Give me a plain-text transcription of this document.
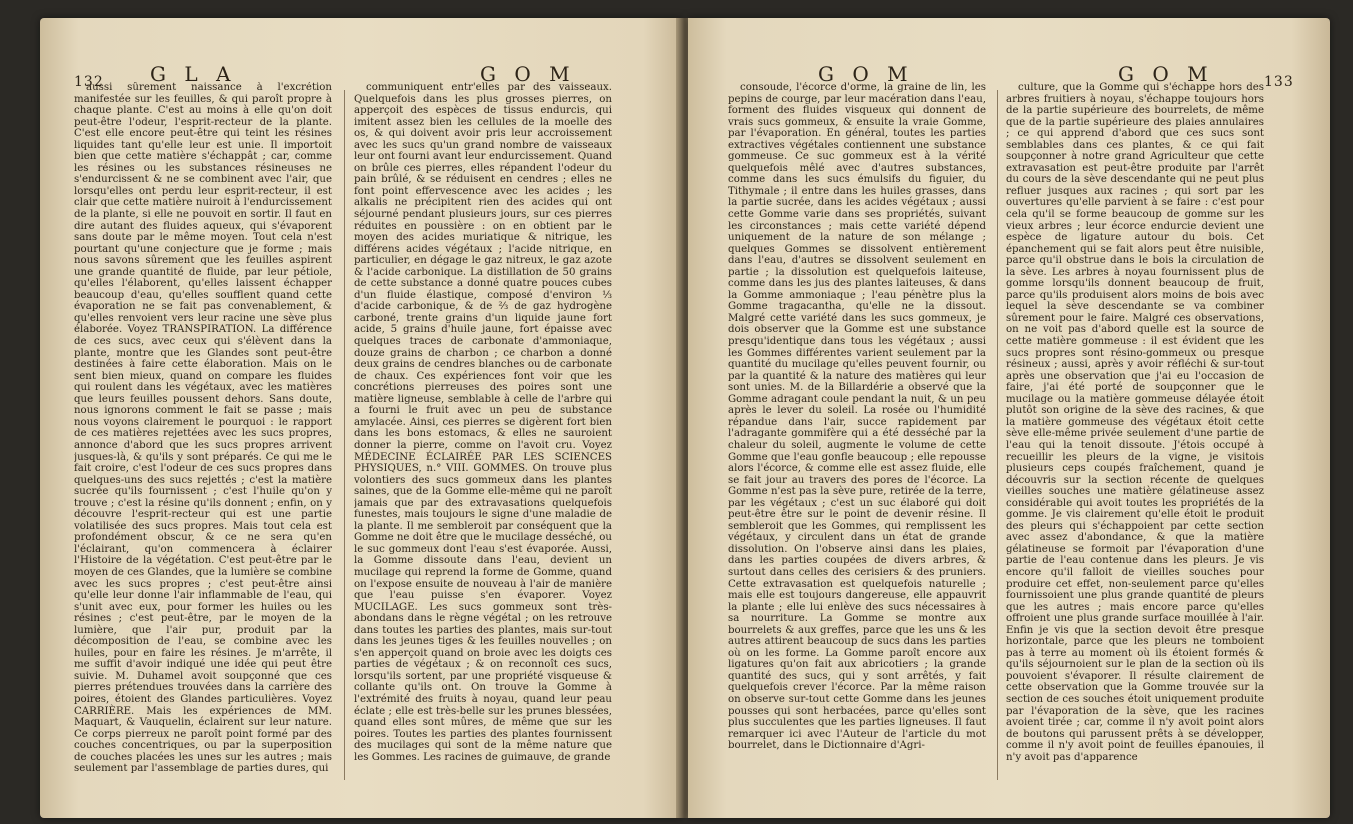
132 G L A	G O M

aussi sûrement naissance à l'excrétion manifestée sur les feuilles, & qui paroît propre à chaque plante. C'est au moins à elle qu'on doit peut-être l'odeur, l'esprit-recteur de la plante. C'est elle encore peut-être qui teint les résines liquides tant qu'elle leur est unie. Il importoit bien que cette matière s'échappât ; car, comme les résines ou les substances résineuses ne s'endurcissent & ne se combinent avec l'air, que lorsqu'elles ont perdu leur esprit-recteur, il est clair que cette matière nuiroit à l'endurcissement de la plante, si elle ne pouvoit en sortir. Il faut en dire autant des fluides aqueux, qui s'évaporent sans doute par le même moyen. Tout cela n'est pourtant qu'une conjecture que je forme ; mais nous savons sûrement que les feuilles aspirent une grande quantité de fluide, par leur pétiole, qu'elles l'élaborent, qu'elles laissent échapper beaucoup d'eau, qu'elles soufflent quand cette évaporation ne se fait pas convenablement, & qu'elles renvoient vers leur racine une sève plus élaborée. Voyez TRANSPIRATION. La différence de ces sucs, avec ceux qui s'élèvent dans la plante, montre que les Glandes sont peut-être destinées à faire cette élaboration. Mais on le sent bien mieux, quand on compare les fluides qui roulent dans les végétaux, avec les matières que leurs feuilles poussent dehors. Sans doute, nous ignorons comment le fait se passe ; mais nous voyons clairement le pourquoi : le rapport de ces matières rejettées avec les sucs propres, annonce d'abord que les sucs propres arrivent jusques-là, & qu'ils y sont préparés. Ce qui me le fait croire, c'est l'odeur de ces sucs propres dans quelques-uns des sucs rejettés ; c'est la matière sucrée qu'ils fournissent ; c'est l'huile qu'on y trouve ; c'est la résine qu'ils donnent ; enfin, on y découvre l'esprit-recteur qui est une partie volatilisée des sucs propres. Mais tout cela est profondément obscur, & ce ne sera qu'en l'éclairant, qu'on commencera à éclairer l'Histoire de la végétation. C'est peut-être par le moyen de ces Glandes, que la lumière se combine avec les sucs propres ; c'est peut-être ainsi qu'elle leur donne l'air inflammable de l'eau, qui s'unit avec eux, pour former les huiles ou les résines ; c'est peut-être, par le moyen de la lumière, que l'air pur, produit par la décomposition de l'eau, se combine avec les huiles, pour en faire les résines. Je m'arrête, il me suffit d'avoir indiqué une idée qui peut être suivie. M. Duhamel avoit soupçonné que ces pierres prétendues trouvées dans la carrière des poires, étoient des Glandes particulières. Voyez CARRIÈRE. Mais les expériences de MM. Maquart, & Vauquelin, éclairent sur leur nature. Ce corps pierreux ne paroît point formé par des couches concentriques, ou par la superposition de couches placées les unes sur les autres ; mais seulement par l'assemblage de parties dures, qui

communiquent entr'elles par des vaisseaux. Quelquefois dans les plus grosses pierres, on apperçoit des espèces de tissus endurcis, qui imitent assez bien les cellules de la moelle des os, & qui doivent avoir pris leur accroissement avec les sucs qu'un grand nombre de vaisseaux leur ont fourni avant leur endurcissement. Quand on brûle ces pierres, elles répandent l'odeur du pain brûlé, & se réduisent en cendres ; elles ne font point effervescence avec les acides ; les alkalis ne précipitent rien des acides qui ont séjourné pendant plusieurs jours, sur ces pierres réduites en poussière : on en obtient par le moyen des acides muriatique & nitrique, les différens acides végétaux ; l'acide nitrique, en particulier, en dégage le gaz nitreux, le gaz azote & l'acide carbonique. La distillation de 50 grains de cette substance a donné quatre pouces cubes d'un fluide élastique, composé d'environ ⅓ d'acide carbonique, & de ⅔ de gaz hydrogène carboné, trente grains d'un liquide jaune fort acide, 5 grains d'huile jaune, fort épaisse avec quelques traces de carbonate d'ammoniaque, douze grains de charbon ; ce charbon a donné deux grains de cendres blanches ou de carbonate de chaux. Ces expériences font voir que les concrétions pierreuses des poires sont une matière ligneuse, semblable à celle de l'arbre qui a fourni le fruit avec un peu de substance amylacée. Ainsi, ces pierres se digèrent fort bien dans les bons estomacs, & elles ne sauroient donner la pierre, comme on l'avoit cru. Voyez MÉDECINE ÉCLAIRÉE PAR LES SCIENCES PHYSIQUES, n.° VIII. GOMMES. On trouve plus volontiers des sucs gommeux dans les plantes saines, que de la Gomme elle-même qui ne paroît jamais que par des extravasations quelquefois funestes, mais toujours le signe d'une maladie de la plante. Il me sembleroit par conséquent que la Gomme ne doit être que le mucilage desséché, ou le suc gommeux dont l'eau s'est évaporée. Aussi, la Gomme dissoute dans l'eau, devient un mucilage qui reprend la forme de Gomme, quand on l'expose ensuite de nouveau à l'air de manière que l'eau puisse s'en évaporer. Voyez MUCILAGE. Les sucs gommeux sont très-abondans dans le règne végétal ; on les retrouve dans toutes les parties des plantes, mais sur-tout dans les jeunes tiges & les feuilles nouvelles ; on s'en apperçoit quand on broie avec les doigts ces parties de végétaux ; & on reconnoît ces sucs, lorsqu'ils sortent, par une propriété visqueuse & collante qu'ils ont. On trouve la Gomme à l'extrémité des fruits à noyau, quand leur peau éclate ; elle est très-belle sur les prunes blessées, quand elles sont mûres, de même que sur les poires. Toutes les parties des plantes fournissent des mucilages qui sont de la même nature que les Gommes. Les racines de guimauve, de grande

G O M	G O M	133

consoude, l'écorce d'orme, la graine de lin, les pepins de courge, par leur macération dans l'eau, forment des fluides visqueux qui donnent de vrais sucs gommeux, & ensuite la vraie Gomme, par l'évaporation. En général, toutes les parties extractives végétales contiennent une substance gommeuse. Ce suc gommeux est à la vérité quelquefois mêlé avec d'autres substances, comme dans les sucs émulsifs du figuier, du Tithymale ; il entre dans les huiles grasses, dans la partie sucrée, dans les acides végétaux ; aussi cette Gomme varie dans ses propriétés, suivant les circonstances ; mais cette variété dépend uniquement de la nature de son mélange ; quelques Gommes se dissolvent entièrement dans l'eau, d'autres se dissolvent seulement en partie ; la dissolution est quelquefois laiteuse, comme dans les jus des plantes laiteuses, & dans la Gomme ammoniaque ; l'eau pénètre plus la Gomme tragacantha, qu'elle ne la dissout. Malgré cette variété dans les sucs gommeux, je dois observer que la Gomme est une substance presqu'identique dans tous les végétaux ; aussi les Gommes différentes varient seulement par la quantité du mucilage qu'elles peuvent fournir, ou par la quantité & la nature des matières qui leur sont unies. M. de la Billardérie a observé que la Gomme adragant coule pendant la nuit, & un peu après le lever du soleil. La rosée ou l'humidité répandue dans l'air, succe rapidement par l'adragante gommifère qui a été desséché par la chaleur du soleil, augmente le volume de cette Gomme que l'eau gonfle beaucoup ; elle repousse alors l'écorce, & comme elle est assez fluide, elle se fait jour au travers des pores de l'écorce. La Gomme n'est pas la sève pure, retirée de la terre, par les végétaux ; c'est un suc élaboré qui doit peut-être être sur le point de devenir résine. Il sembleroit que les Gommes, qui remplissent les végétaux, y circulent dans un état de grande dissolution. On l'observe ainsi dans les plaies, dans les parties coupées de divers arbres, & surtout dans celles des cerisiers & des pruniers. Cette extravasation est quelquefois naturelle ; mais elle est toujours dangereuse, elle appauvrit la plante ; elle lui enlève des sucs nécessaires à sa nourriture. La Gomme se montre aux bourrelets & aux greffes, parce que les uns & les autres attirent beaucoup de sucs dans les parties où on les forme. La Gomme paroît encore aux ligatures qu'on fait aux abricotiers ; la grande quantité des sucs, qui y sont arrêtés, y fait quelquefois crever l'écorce. Par la même raison on observe sur-tout cette Gomme dans les jeunes pousses qui sont herbacées, parce qu'elles sont plus succulentes que les parties ligneuses. Il faut remarquer ici avec l'Auteur de l'article du mot bourrelet, dans le Dictionnaire d'Agri-

culture, que la Gomme qui s'échappe hors des arbres fruitiers à noyau, s'échappe toujours hors de la partie supérieure des bourrelets, de même que de la partie supérieure des plaies annulaires ; ce qui apprend d'abord que ces sucs sont semblables dans ces plantes, & ce qui fait soupçonner à notre grand Agriculteur que cette extravasation est peut-être produite par l'arrêt du cours de la sève descendante qui ne peut plus refluer jusques aux racines ; qui sort par les ouvertures qu'elle parvient à se faire : c'est pour cela qu'il se forme beaucoup de gomme sur les vieux arbres ; leur écorce endurcie devient une espèce de ligature autour du bois. Cet épanchement qui se fait alors peut être nuisible, parce qu'il obstrue dans le bois la circulation de la sève. Les arbres à noyau fournissent plus de gomme lorsqu'ils donnent beaucoup de fruit, parce qu'ils produisent alors moins de bois avec lequel la sève descendante se va combiner sûrement pour le faire. Malgré ces observations, on ne voit pas d'abord quelle est la source de cette matière gommeuse : il est évident que les sucs propres sont résino-gommeux ou presque résineux ; aussi, après y avoir réfléchi & sur-tout après une observation que j'ai eu l'occasion de faire, j'ai été porté de soupçonner que le mucilage ou la matière gommeuse délayée étoit plutôt son origine de la sève des racines, & que la matière gommeuse des végétaux étoit cette sève elle-même privée seulement d'une partie de l'eau qui la tenoit dissoute. J'étois occupé à recueillir les pleurs de la vigne, je visitois plusieurs ceps coupés fraîchement, quand je découvris sur la section récente de quelques vieilles souches une matière gélatineuse assez considérable qui avoit toutes les propriétés de la gomme. Je vis clairement qu'elle étoit le produit des pleurs qui s'échappoient par cette section avec assez d'abondance, & que la matière gélatineuse se formoit par l'évaporation d'une partie de l'eau contenue dans les pleurs. Je vis encore qu'il falloit de vieilles souches pour produire cet effet, non-seulement parce qu'elles fournissoient une plus grande quantité de pleurs que les autres ; mais encore parce qu'elles offroient une plus grande surface mouillée à l'air. Enfin je vis que la section devoit être presque horizontale, parce que les pleurs ne tomboient pas à terre au moment où ils étoient formés & qu'ils séjournoient sur le plan de la section où ils pouvoient s'évaporer. Il résulte clairement de cette observation que la Gomme trouvée sur la section de ces souches étoit uniquement produite par l'évaporation de la sève, que les racines avoient tirée ; car, comme il n'y avoit point alors de boutons qui parussent prêts à se développer, comme il n'y avoit point de feuilles épanouies, il n'y avoit pas d'apparence
